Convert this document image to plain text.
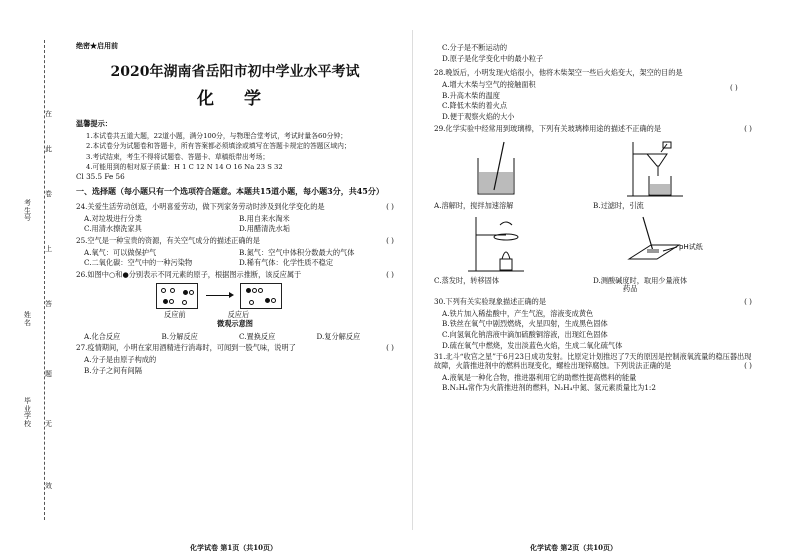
在
此
卷
上
答
题
无
效
考生号
姓名
毕业学校
绝密★启用前
2020年湖南省岳阳市初中学业水平考试
化 学
温馨提示：
1.本试卷共五道大题，22道小题，满分100分，与物理合堂考试，考试时量各60分钟；
2.本试卷分为试题卷和答题卡，所有答案都必须填涂或填写在答题卡规定的答题区域内；
3.考试结束，考生不得将试题卷、答题卡、草稿纸带出考场；
4.可能用到的相对原子质量：H 1 C 12 N 14 O 16 Na 23 S 32
Cl 35.5 Fe 56
一、选择题（每小题只有一个选项符合题意。本题共15道小题，每小题3分，共45分）
24.关爱生活劳动创造，小明喜爱劳动，做下列家务劳动时涉及到化学变化的是	( )
A.对垃圾进行分类	B.用自来水淘米
C.用清水擦洗家具	D.用醋清洗水垢
25.空气是一种宝贵的资源，有关空气成分的描述正确的是	( )
A.氧气：可以做保护气	B.氮气：空气中体积分数最大的气体
C.二氧化碳：空气中的一种污染物	D.稀有气体：化学性质不稳定
26.如图中○和●分别表示不同元素的原子，根据图示推断，该反应属于	( )
反应前	反应后
微观示意图
A.化合反应	B.分解反应	C.置换反应	D.复分解反应
27.疫情期间，小明在家用酒精进行消毒时，可闻到一股气味，说明了	( )
A.分子是由原子构成的
B.分子之间有间隔
化学试卷 第1页（共10页）
C.分子是不断运动的
D.原子是化学变化中的最小粒子
28.晚饭后，小明发现火焰很小，他将木柴架空一些后火焰变大，架空的目的是
A.增大木柴与空气的接触面积
B.升高木柴的温度
C.降低木柴的着火点
D.便于观察火焰的大小
29.化学实验中经常用到玻璃棒，下列有关玻璃棒用途的描述不正确的是	( )
A.溶解时，搅拌加速溶解	B.过滤时，引流
C.蒸发时，转移固体
pH试纸
D.测酸碱度时，取用少量液体
药品
30.下列有关实验现象描述正确的是	( )
A.铁片加入稀盐酸中，产生气泡，溶液变成黄色
B.铁丝在氧气中剧烈燃烧，火星四射，生成黑色固体
C.向氢氧化钠溶液中滴加硫酸铜溶液，出现红色固体
D.硫在氧气中燃烧，发出淡蓝色火焰，生成二氧化硫气体
31.北斗“收官之星”于6月23日成功发射。比原定计划推迟了7天的原因是控制液氧流量的稳压器出现故障，火箭推进剂中的燃料出现变化，螺栓出现锌腐蚀。下列说法正确的是	( )
A.液氧是一种化合物，推进器利用它的助燃性提高燃料的能量
B.N₂H₄常作为火箭推进剂的燃料，N₂H₄中氮、氢元素质量比为1:2
化学试卷 第2页（共10页）
( )
